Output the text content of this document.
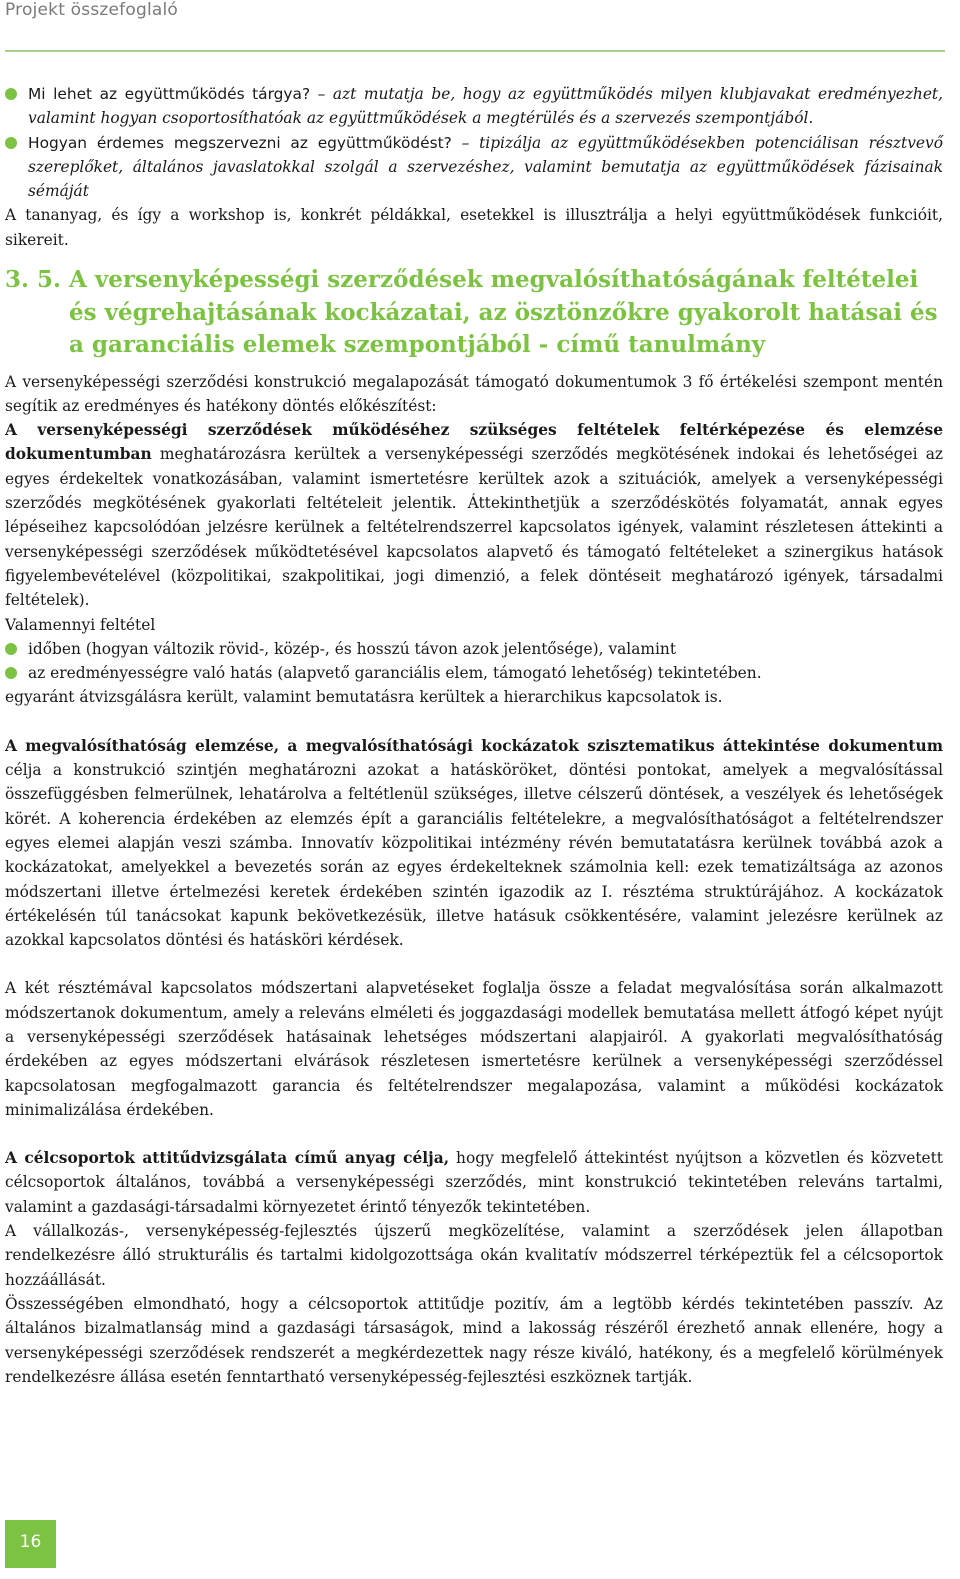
Projekt összefoglaló
Mi lehet az együttműködés tárgya? – azt mutatja be, hogy az együttműködés milyen klubjavakat eredményezhet, valamint hogyan csoportosíthatóak az együttműködések a megtérülés és a szervezés szempontjából.
Hogyan érdemes megszervezni az együttműködést? – tipizálja az együttműködésekben potenciálisan résztvevő szereplőket, általános javaslatokkal szolgál a szervezéshez, valamint bemutatja az együttműködések fázisainak sémáját

A tananyag, és így a workshop is, konkrét példákkal, esetekkel is illusztrálja a helyi együttműködések funkcióit, sikereit.

3. 5. A versenyképességi szerződések megvalósíthatóságának feltételei és végrehajtásának kockázatai, az ösztönzőkre gyakorolt hatásai és a garanciális elemek szempontjából - című tanulmány

A versenyképességi szerződési konstrukció megalapozását támogató dokumentumok 3 fő értékelési szempont mentén segítik az eredményes és hatékony döntés előkészítést:

A versenyképességi szerződések működéséhez szükséges feltételek feltérképezése és elemzése dokumentumban meghatározásra kerültek a versenyképességi szerződés megkötésének indokai és lehetőségei az egyes érdekeltek vonatkozásában, valamint ismertetésre kerültek azok a szituációk, amelyek a versenyképességi szerződés megkötésének gyakorlati feltételeit jelentik. Áttekinthetjük a szerződéskötés folyamatát, annak egyes lépéseihez kapcsolódóan jelzésre kerülnek a feltételrendszerrel kapcsolatos igények, valamint részletesen áttekinti a versenyképességi szerződések működtetésével kapcsolatos alapvető és támogató feltételeket a szinergikus hatások figyelembevételével (közpolitikai, szakpolitikai, jogi dimenzió, a felek döntéseit meghatározó igények, társadalmi feltételek).

Valamennyi feltétel

időben (hogyan változik rövid-, közép-, és hosszú távon azok jelentősége), valamint
az eredményességre való hatás (alapvető garanciális elem, támogató lehetőség) tekintetében.

egyaránt átvizsgálásra került, valamint bemutatásra kerültek a hierarchikus kapcsolatok is.

A megvalósíthatóság elemzése, a megvalósíthatósági kockázatok szisztematikus áttekintése dokumentum célja a konstrukció szintjén meghatározni azokat a hatásköröket, döntési pontokat, amelyek a megvalósítással összefüggésben felmerülnek, lehatárolva a feltétlenül szükséges, illetve célszerű döntések, a veszélyek és lehetőségek körét. A koherencia érdekében az elemzés épít a garanciális feltételekre, a megvalósíthatóságot a feltételrendszer egyes elemei alapján veszi számba. Innovatív közpolitikai intézmény révén bemutatatásra kerülnek továbbá azok a kockázatokat, amelyekkel a bevezetés során az egyes érdekelteknek számolnia kell: ezek tematizáltsága az azonos módszertani illetve értelmezési keretek érdekében szintén igazodik az I. résztéma struktúrájához. A kockázatok értékelésén túl tanácsokat kapunk bekövetkezésük, illetve hatásuk csökkentésére, valamint jelezésre kerülnek az azokkal kapcsolatos döntési és hatásköri kérdések.

A két résztémával kapcsolatos módszertani alapvetéseket foglalja össze a feladat megvalósítása során alkalmazott módszertanok dokumentum, amely a releváns elméleti és joggazdasági modellek bemutatása mellett átfogó képet nyújt a versenyképességi szerződések hatásainak lehetséges módszertani alapjairól. A gyakorlati megvalósíthatóság érdekében az egyes módszertani elvárások részletesen ismertetésre kerülnek a versenyképességi szerződéssel kapcsolatosan megfogalmazott garancia és feltételrendszer megalapozása, valamint a működési kockázatok minimalizálása érdekében.

A célcsoportok attitűdvizsgálata című anyag célja, hogy megfelelő áttekintést nyújtson a közvetlen és közvetett célcsoportok általános, továbbá a versenyképességi szerződés, mint konstrukció tekintetében releváns tartalmi, valamint a gazdasági-társadalmi környezetet érintő tényezők tekintetében.

A vállalkozás-, versenyképesség-fejlesztés újszerű megközelítése, valamint a szerződések jelen állapotban rendelkezésre álló strukturális és tartalmi kidolgozottsága okán kvalitatív módszerrel térképeztük fel a célcsoportok hozzáállását.

Összességében elmondható, hogy a célcsoportok attitűdje pozitív, ám a legtöbb kérdés tekintetében passzív. Az általános bizalmatlanság mind a gazdasági társaságok, mind a lakosság részéről érezhető annak ellenére, hogy a versenyképességi szerződések rendszerét a megkérdezettek nagy része kiváló, hatékony, és a megfelelő körülmények rendelkezésre állása esetén fenntartható versenyképesség-fejlesztési eszköznek tartják.

16
